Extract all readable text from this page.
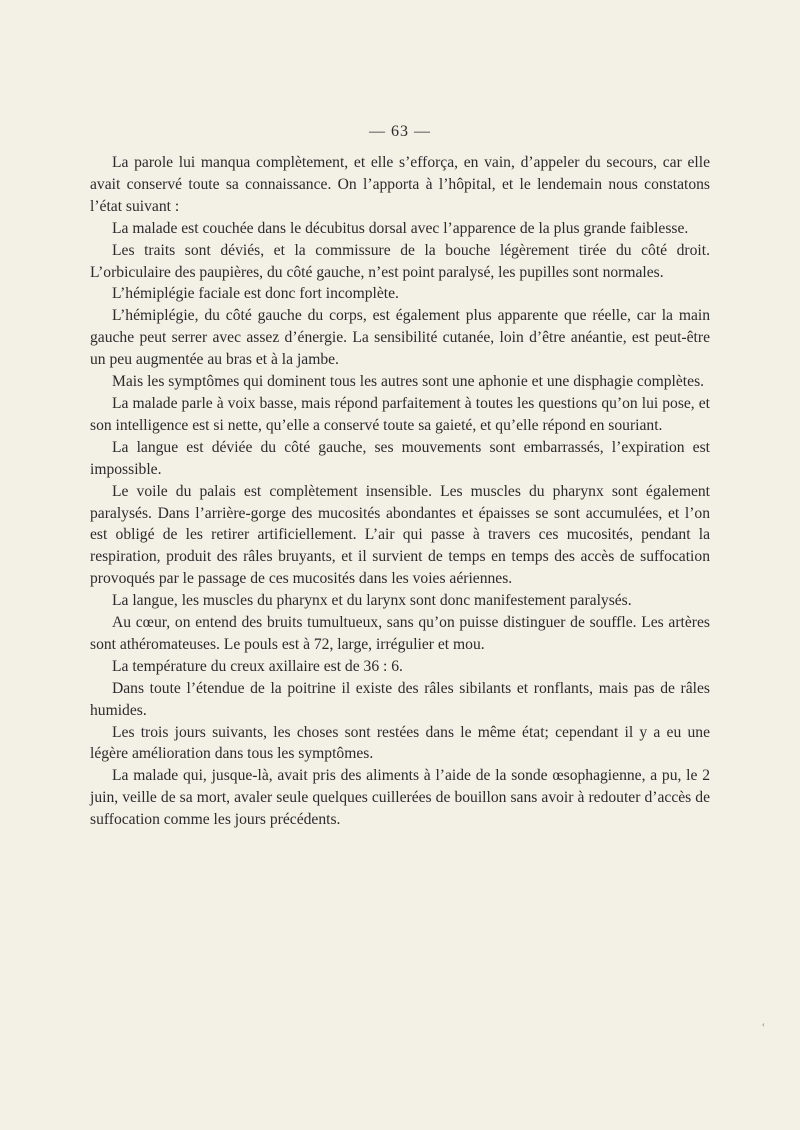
— 63 —

La parole lui manqua complètement, et elle s’efforça, en vain, d’appeler du secours, car elle avait conservé toute sa connaissance. On l’apporta à l’hôpital, et le lendemain nous constatons l’état suivant :

La malade est couchée dans le décubitus dorsal avec l’apparence de la plus grande faiblesse.

Les traits sont déviés, et la commissure de la bouche légèrement tirée du côté droit. L’orbiculaire des paupières, du côté gauche, n’est point paralysé, les pupilles sont normales.

L’hémiplégie faciale est donc fort incomplète.

L’hémiplégie, du côté gauche du corps, est également plus apparente que réelle, car la main gauche peut serrer avec assez d’énergie. La sensibilité cutanée, loin d’être anéantie, est peut-être un peu augmentée au bras et à la jambe.

Mais les symptômes qui dominent tous les autres sont une aphonie et une disphagie complètes.

La malade parle à voix basse, mais répond parfaitement à toutes les questions qu’on lui pose, et son intelligence est si nette, qu’elle a conservé toute sa gaieté, et qu’elle répond en souriant.

La langue est déviée du côté gauche, ses mouvements sont embarrassés, l’expiration est impossible.

Le voile du palais est complètement insensible. Les muscles du pharynx sont également paralysés. Dans l’arrière-gorge des mucosités abondantes et épaisses se sont accumulées, et l’on est obligé de les retirer artificiellement. L’air qui passe à travers ces mucosités, pendant la respiration, produit des râles bruyants, et il survient de temps en temps des accès de suffocation provoqués par le passage de ces mucosités dans les voies aériennes.

La langue, les muscles du pharynx et du larynx sont donc manifestement paralysés.

Au cœur, on entend des bruits tumultueux, sans qu’on puisse distinguer de souffle. Les artères sont athéromateuses. Le pouls est à 72, large, irrégulier et mou.

La température du creux axillaire est de 36 : 6.

Dans toute l’étendue de la poitrine il existe des râles sibilants et ronflants, mais pas de râles humides.

Les trois jours suivants, les choses sont restées dans le même état; cependant il y a eu une légère amélioration dans tous les symptômes.

La malade qui, jusque-là, avait pris des aliments à l’aide de la sonde œsophagienne, a pu, le 2 juin, veille de sa mort, avaler seule quelques cuillerées de bouillon sans avoir à redouter d’accès de suffocation comme les jours précédents.

‹
